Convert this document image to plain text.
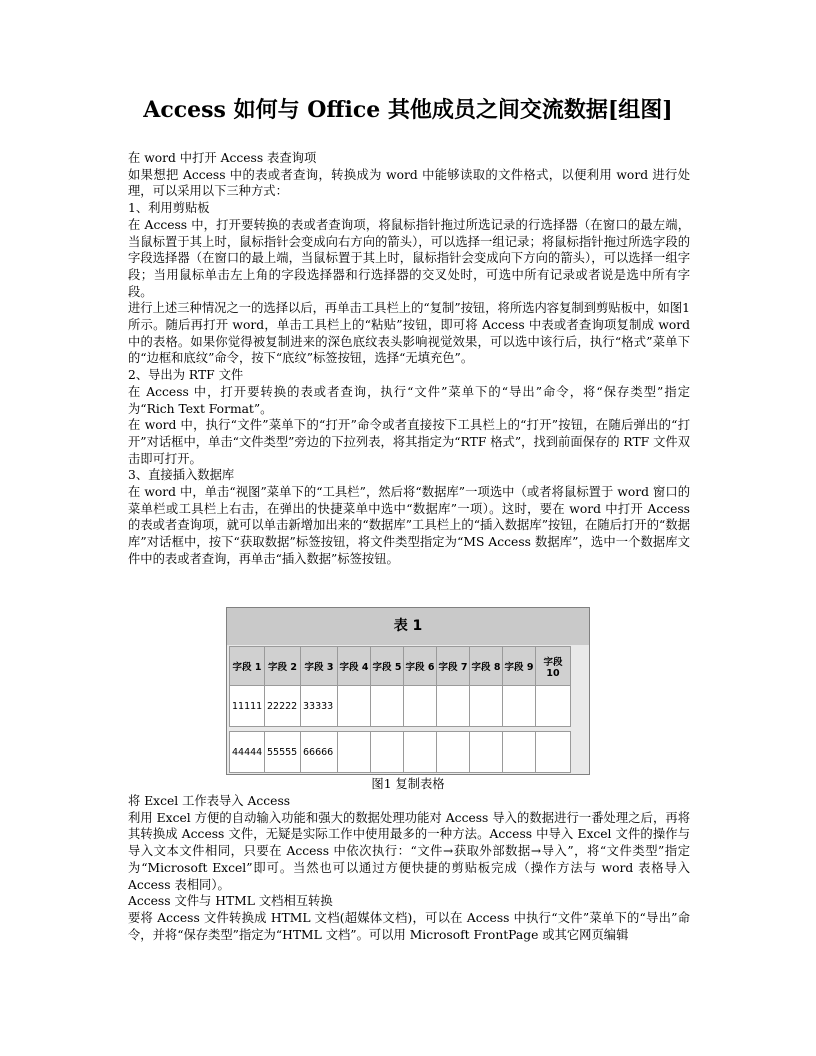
Access 如何与 Office 其他成员之间交流数据[组图]

在 word 中打开 Access 表查询项

如果想把 Access 中的表或者查询，转换成为 word 中能够读取的文件格式，以便利用 word 进行处理，可以采用以下三种方式：

1、利用剪贴板

在 Access 中，打开要转换的表或者查询项，将鼠标指针拖过所选记录的行选择器（在窗口的最左端，当鼠标置于其上时，鼠标指针会变成向右方向的箭头），可以选择一组记录；将鼠标指针拖过所选字段的字段选择器（在窗口的最上端，当鼠标置于其上时，鼠标指针会变成向下方向的箭头），可以选择一组字段；当用鼠标单击左上角的字段选择器和行选择器的交叉处时，可选中所有记录或者说是选中所有字段。

进行上述三种情况之一的选择以后，再单击工具栏上的“复制”按钮，将所选内容复制到剪贴板中，如图1所示。随后再打开 word，单击工具栏上的“粘贴”按钮，即可将 Access 中表或者查询项复制成 word 中的表格。如果你觉得被复制进来的深色底纹表头影响视觉效果，可以选中该行后，执行“格式”菜单下的“边框和底纹”命令，按下“底纹”标签按钮，选择“无填充色”。

2、导出为 RTF 文件

在 Access 中，打开要转换的表或者查询，执行“文件”菜单下的“导出”命令，将“保存类型”指定为“Rich Text Format”。

在 word 中，执行“文件”菜单下的“打开”命令或者直接按下工具栏上的“打开”按钮，在随后弹出的“打开”对话框中，单击“文件类型”旁边的下拉列表，将其指定为“RTF 格式”，找到前面保存的 RTF 文件双击即可打开。

3、直接插入数据库

在 word 中，单击“视图”菜单下的“工具栏”，然后将“数据库”一项选中（或者将鼠标置于 word 窗口的菜单栏或工具栏上右击，在弹出的快捷菜单中选中“数据库”一项）。这时，要在 word 中打开 Access 的表或者查询项，就可以单击新增加出来的“数据库”工具栏上的“插入数据库”按钮，在随后打开的“数据库”对话框中，按下“获取数据”标签按钮，将文件类型指定为“MS Access 数据库”，选中一个数据库文件中的表或者查询，再单击“插入数据”标签按钮。

表 1
字段 1	字段 2	字段 3	字段 4	字段 5	字段 6	字段 7	字段 8	字段 9	字段 10
11111	22222	33333							

44444	55555	66666							
图1 复制表格

将 Excel 工作表导入 Access

利用 Excel 方便的自动输入功能和强大的数据处理功能对 Access 导入的数据进行一番处理之后，再将其转换成 Access 文件，无疑是实际工作中使用最多的一种方法。Access 中导入 Excel 文件的操作与导入文本文件相同，只要在 Access 中依次执行：“文件→获取外部数据→导入”，将“文件类型”指定为“Microsoft Excel”即可。当然也可以通过方便快捷的剪贴板完成（操作方法与 word 表格导入 Access 表相同）。

Access 文件与 HTML 文档相互转换

要将 Access 文件转换成 HTML 文档(超媒体文档)，可以在 Access 中执行“文件”菜单下的“导出”命令，并将“保存类型”指定为“HTML 文档”。可以用 Microsoft FrontPage 或其它网页编辑
